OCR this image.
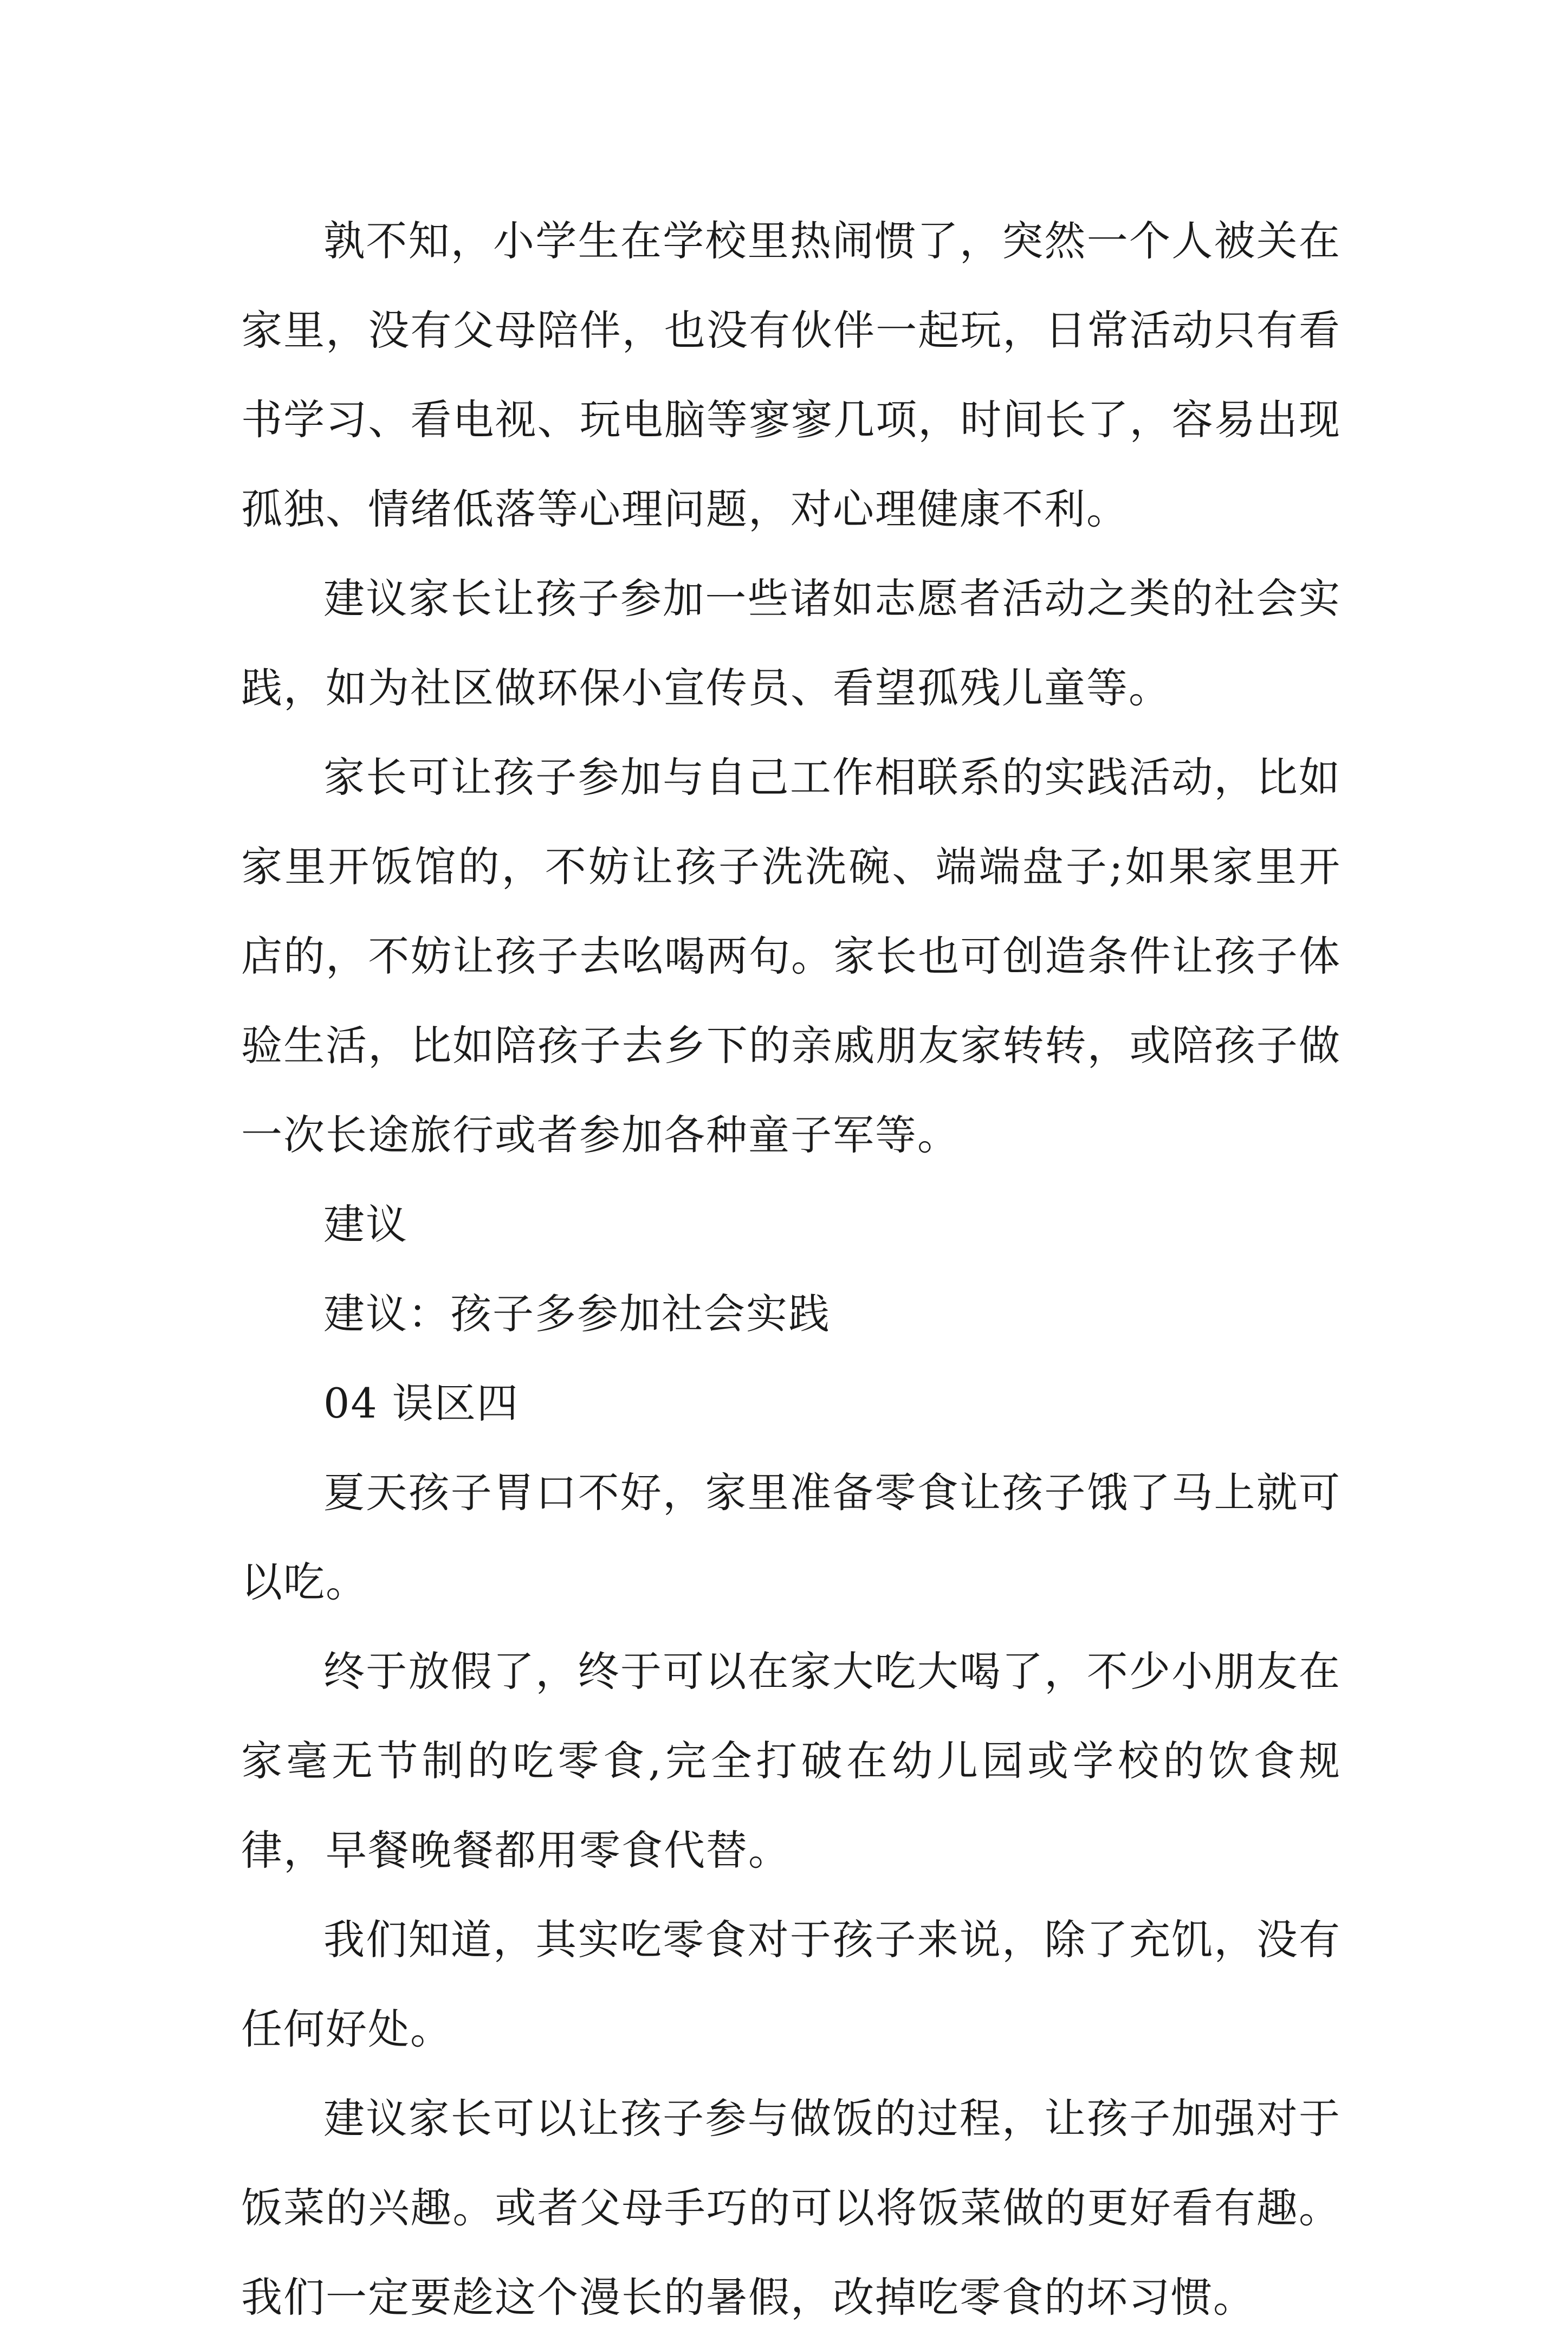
孰不知，小学生在学校里热闹惯了，突然一个人被关在家里，没有父母陪伴，也没有伙伴一起玩，日常活动只有看书学习、看电视、玩电脑等寥寥几项，时间长了，容易出现孤独、情绪低落等心理问题，对心理健康不利。

建议家长让孩子参加一些诸如志愿者活动之类的社会实践，如为社区做环保小宣传员、看望孤残儿童等。

家长可让孩子参加与自己工作相联系的实践活动，比如家里开饭馆的，不妨让孩子洗洗碗、端端盘子;如果家里开店的，不妨让孩子去吆喝两句。家长也可创造条件让孩子体验生活，比如陪孩子去乡下的亲戚朋友家转转，或陪孩子做一次长途旅行或者参加各种童子军等。

建议

建议：孩子多参加社会实践

04 误区四

夏天孩子胃口不好，家里准备零食让孩子饿了马上就可以吃。

终于放假了，终于可以在家大吃大喝了，不少小朋友在家毫无节制的吃零食,完全打破在幼儿园或学校的饮食规律，早餐晚餐都用零食代替。

我们知道，其实吃零食对于孩子来说，除了充饥，没有任何好处。

建议家长可以让孩子参与做饭的过程，让孩子加强对于饭菜的兴趣。或者父母手巧的可以将饭菜做的更好看有趣。我们一定要趁这个漫长的暑假，改掉吃零食的坏习惯。
